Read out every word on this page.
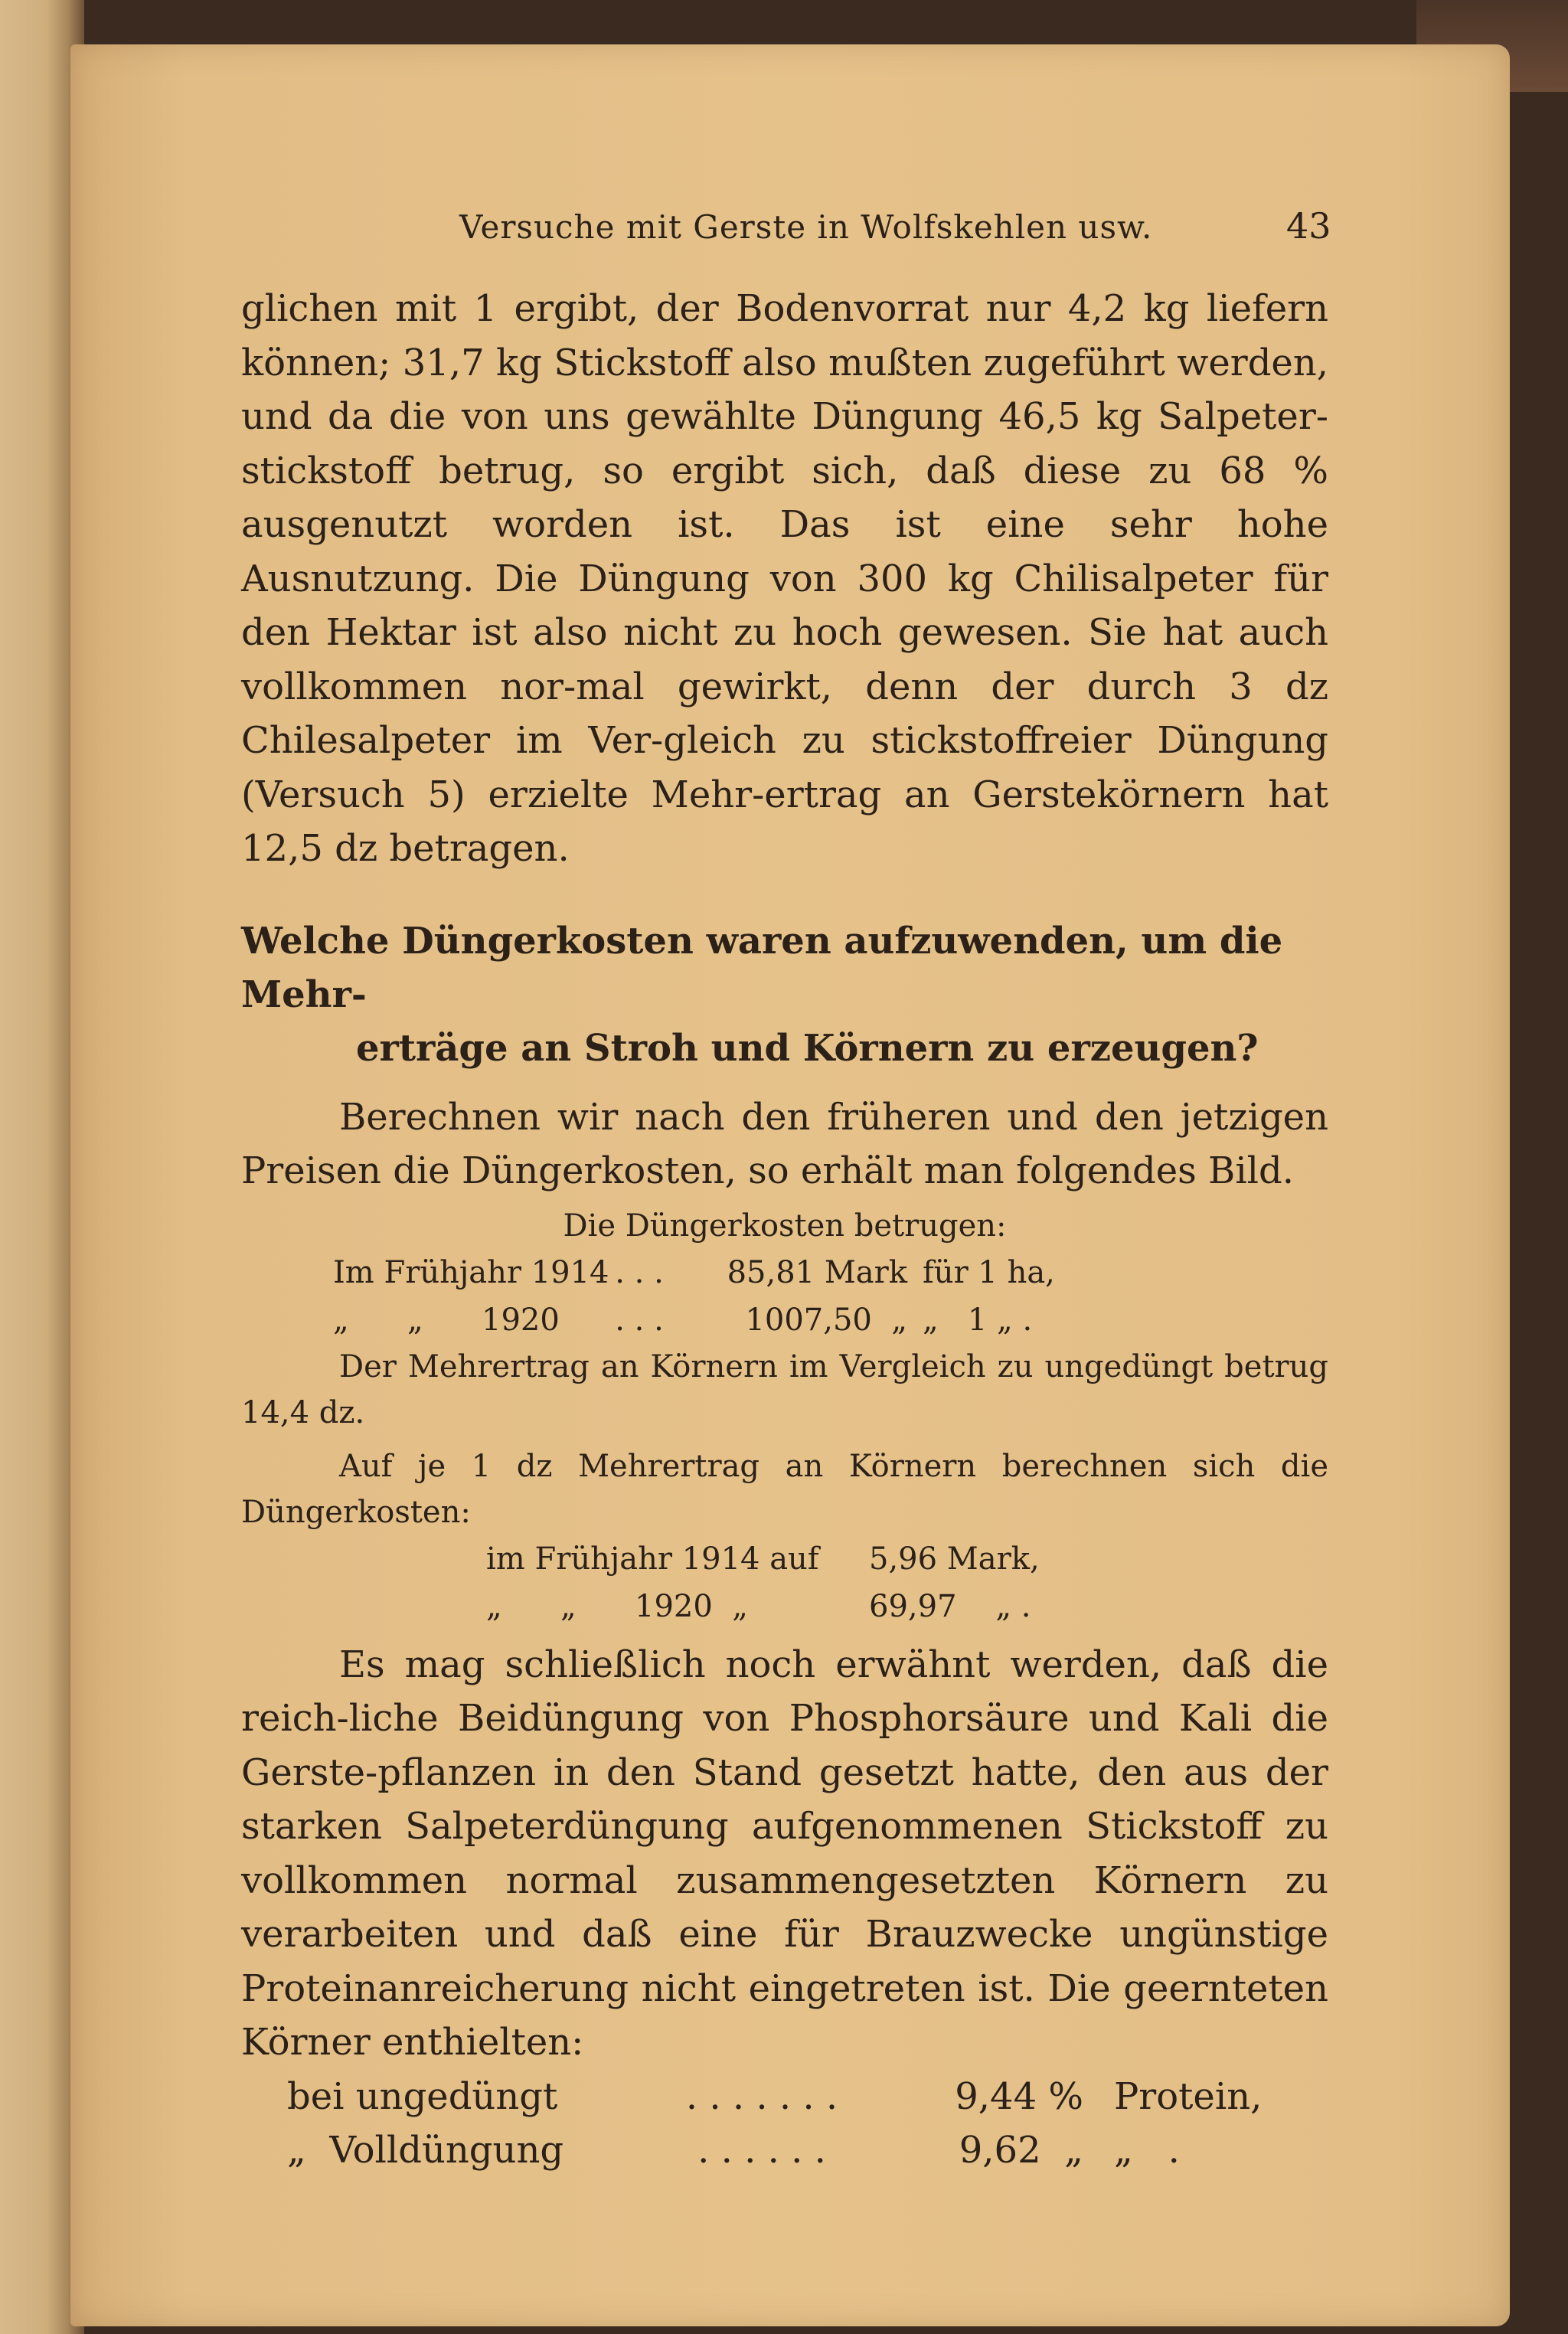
Versuche mit Gerste in Wolfskehlen usw.	43

glichen mit 1 ergibt, der Bodenvorrat nur 4,2 kg liefern können; 31,7 kg Stickstoff also mußten zugeführt werden, und da die von uns gewählte Düngung 46,5 kg Salpeter-stickstoff betrug, so ergibt sich, daß diese zu 68 % ausgenutzt worden ist. Das ist eine sehr hohe Ausnutzung. Die Düngung von 300 kg Chilisalpeter für den Hektar ist also nicht zu hoch gewesen. Sie hat auch vollkommen nor-mal gewirkt, denn der durch 3 dz Chilesalpeter im Ver-gleich zu stickstoffreier Düngung (Versuch 5) erzielte Mehr-ertrag an Gerstekörnern hat 12,5 dz betragen.

Welche Düngerkosten waren aufzuwenden, um die Mehr-
erträge an Stroh und Körnern zu erzeugen?

Berechnen wir nach den früheren und den jetzigen Preisen die Düngerkosten, so erhält man folgendes Bild.

Die Düngerkosten betrugen:

Im Frühjahr 1914 . . .	85,81 Mark für 1 ha,
„      „      1920	. . .	1007,50  „ „   1 „ .

Der Mehrertrag an Körnern im Vergleich zu ungedüngt betrug 14,4 dz.

Auf je 1 dz Mehrertrag an Körnern berechnen sich die Düngerkosten:

im Frühjahr 1914 auf	5,96 Mark,
„      „      1920  „	69,97    „ .

Es mag schließlich noch erwähnt werden, daß die reich-liche Beidüngung von Phosphorsäure und Kali die Gerste-pflanzen in den Stand gesetzt hatte, den aus der starken Salpeterdüngung aufgenommenen Stickstoff zu vollkommen normal zusammengesetzten Körnern zu verarbeiten und daß eine für Brauzwecke ungünstige Proteinanreicherung nicht eingetreten ist. Die geernteten Körner enthielten:

bei ungedüngt	. . . . . . .	9,44 % Protein,
„  Volldüngung	. . . . . .	9,62  „ „   .
